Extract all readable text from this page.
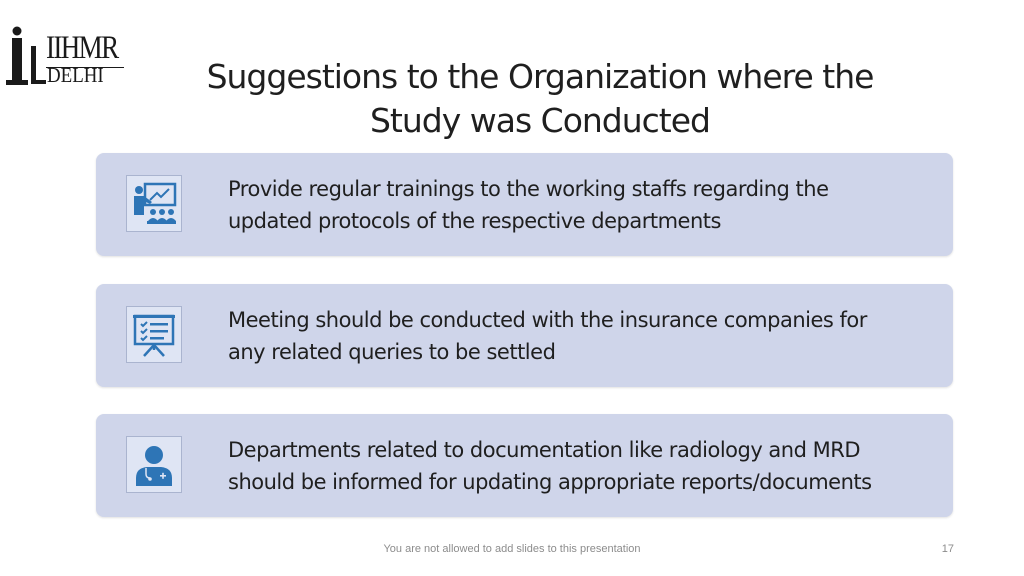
IIHMR
DELHI	Suggestions to the Organization where the
Study was Conducted
Provide regular trainings to the working staffs regarding the
updated protocols of the respective departments
Meeting should be conducted with the insurance companies for
any related queries to be settled
Departments related to documentation like radiology and MRD
should be informed for updating appropriate reports/documents
You are not allowed to add slides to this presentation	17
